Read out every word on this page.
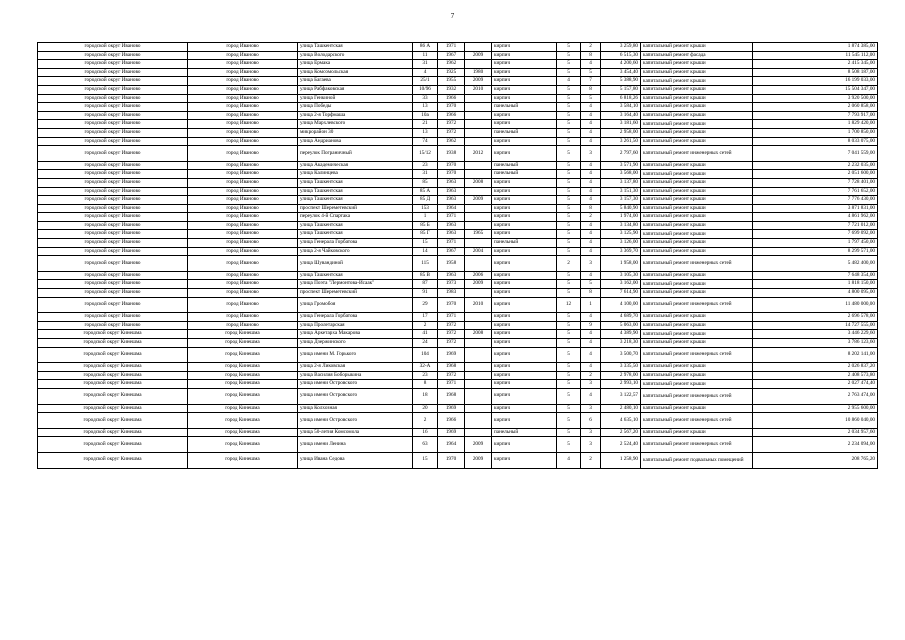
7
городской округ Иваново	город Иваново	улица Ташкентская	86 А	1971		кирпич	5	2	3 259,80	капитальный ремонт крыши	1 874 385,00
городской округ Иваново	город Иваново	улица Володарского	11	1967	2009	кирпич	5	8	6 515,30	капитальный ремонт фасада	11 545 112,00
городской округ Иваново	город Иваново	улица Ермака	31	1962		кирпич	5	4	4 200,60	капитальный ремонт крыши	2 415 345,00
городской округ Иваново	город Иваново	улица Комсомольская	4	1925	1980	кирпич	5	5	3 454,40	капитальный ремонт крыши	8 508 187,00
городской округ Иваново	город Иваново	улица Багаева	25/1	1955	2009	кирпич	4	7	5 388,90	капитальный ремонт крыши	16 199 033,00
городской округ Иваново	город Иваново	улица Рабфаковская	10/96	1932	2010	кирпич	5	8	5 157,80	капитальный ремонт крыши	15 504 347,00
городской округ Иваново	город Иваново	улица Генкиной	33	1966		кирпич	5	5	6 818,26	капитальный ремонт крыши	3 920 500,00
городской округ Иваново	город Иваново	улица Победы	13	1970		панельный	5	4	3 584,10	капитальный ремонт крыши	2 060 858,00
городской округ Иваново	город Иваново	улица 2-я Торфмаша	10а	1966		кирпич	5	4	3 164,40	капитальный ремонт крыши	7 793 917,00
городской округ Иваново	город Иваново	улица Мархлевского	21	1972		кирпич	5	4	3 181,60	капитальный ремонт крыши	1 829 420,00
городской округ Иваново	город Иваново	микрорайон 30	13	1972		панельный	5	4	2 958,00	капитальный ремонт крыши	1 700 850,00
городской округ Иваново	город Иваново	улица Андрианова	74	1962		кирпич	5	4	3 261,50	капитальный ремонт крыши	8 033 075,00
городской округ Иваново	город Иваново	переулок Пограничный	15/12	1938	2012	кирпич	5	3	2 797,60	капитальный ремонт инженерных сетей	7 041 559,00
городской округ Иваново	город Иваново	улица Академическая	23	1970		панельный	5	4	3 571,90	капитальный ремонт крыши	2 232 035,00
городской округ Иваново	город Иваново	улица Калинцева	31	1970		панельный	5	4	3 568,00	капитальный ремонт крыши	2 051 600,00
городской округ Иваново	город Иваново	улица Ташкентская	85	1963	2008	кирпич	5	4	3 137,80	капитальный ремонт крыши	7 728 401,00
городской округ Иваново	город Иваново	улица Ташкентская	85 А	1963		кирпич	5	4	3 151,30	капитальный ремонт крыши	7 761 652,00
городской округ Иваново	город Иваново	улица Ташкентская	85 Д	1963	2009	кирпич	5	4	3 157,30	капитальный ремонт крыши	7 776 430,00
городской округ Иваново	город Иваново	проспект Шереметевский	153	1964		кирпич	5	8	5 840,90	капитальный ремонт крыши	3 871 831,00
городской округ Иваново	город Иваново	переулок 4-й Спартака	1	1971		кирпич	5	2	1 974,00	капитальный ремонт крыши	4 861 962,00
городской округ Иваново	город Иваново	улица Ташкентская	85 Б	1963		кирпич	5	4	3 134,80	капитальный ремонт крыши	7 721 012,00
городской округ Иваново	город Иваново	улица Ташкентская	85 Г	1963	1965	кирпич	5	4	3 125,90	капитальный ремонт крыши	7 699 092,00
городской округ Иваново	город Иваново	улица Генерала Горбатова	15	1971		панельный	5	4	3 126,00	капитальный ремонт крыши	1 797 450,00
городской округ Иваново	город Иваново	улица 2-я Чайковского	14	1967	2004	кирпич	5	4	3 369,70	капитальный ремонт крыши	8 299 571,00
городской округ Иваново	город Иваново	улица Шувандиной	115	1958		кирпич	2	3	1 958,00	капитальный ремонт инженерных сетей	5 482 400,00
городской округ Иваново	город Иваново	улица Ташкентская	85 В	1963	2006	кирпич	5	4	3 105,30	капитальный ремонт крыши	7 648 354,00
городской округ Иваново	город Иваново	улица Поэта "Лермонтова-Исаак"	87	1973	2009	кирпич	5	5	3 162,00	капитальный ремонт крыши	1 818 150,00
городской округ Иваново	город Иваново	проспект Шереметевский	91	1983		кирпич	5	8	7 614,90	капитальный ремонт крыши	4 800 095,00
городской округ Иваново	город Иваново	улица Громобоя	29	1970	2010	кирпич	12	1	4 100,00	капитальный ремонт инженерных сетей	11 480 000,00
городской округ Иваново	город Иваново	улица Генерала Горбатова	17	1971		кирпич	5	4	4 689,70	капитальный ремонт крыши	2 696 578,00
городской округ Иваново	город Иваново	улица Пролетарская	2	1972		кирпич	5	9	5 063,00	капитальный ремонт крыши	14 727 555,00
городской округ Кинешма	город Кинешма	улица Аркетарха Макарова	41	1972	2008	кирпич	5	4	4 389,90	капитальный ремонт крыши	3 446 229,60
городской округ Кинешма	город Кинешма	улица Дзержинского	24	1972		кирпич	5	4	3 218,30	капитальный ремонт крыши	3 786 123,60
городской округ Кинешма	город Кинешма	улица имени М. Горького	104	1969		кирпич	5	4	3 500,70	капитальный ремонт инженерных сетей	8 202 141,00
городской округ Кинешма	город Кинешма	улица 2-я Ликовская	32-А	1968		кирпич	5	4	3 335,50	капитальный ремонт крыши	2 026 837,20
городской округ Кинешма	город Кинешма	улица Василия Боборыкина	23	1972		кирпич	5	2	2 978,00	капитальный ремонт крыши	2 408 573,80
городской округ Кинешма	город Кинешма	улица имени Островского	8	1971		кирпич	5	3	2 993,10	капитальный ремонт крыши	2 027 474,40
городской округ Кинешма	город Кинешма	улица имени Островского	18	1968		кирпич	5	4	3 122,57	капитальный ремонт инженерных сетей	2 763 474,00
городской округ Кинешма	город Кинешма	улица Колхозная	20	1969		кирпич	5	3	2 480,10	капитальный ремонт крыши	2 955 600,00
городской округ Кинешма	город Кинешма	улица имени Островского	2	1966		кирпич	5	6	4 635,10	капитальный ремонт инженерных сетей	10 860 040,00
городской округ Кинешма	город Кинешма	улица 50-летия Комсомола	16	1969		панельный	5	3	2 567,20	капитальный ремонт крыши	2 034 957,60
городской округ Кинешма	город Кинешма	улица имени Ленина	63	1964	2009	кирпич	5	3	2 524,40	капитальный ремонт инженерных сетей	2 234 094,00
городской округ Кинешма	город Кинешма	улица Ивана Седова	15	1970	2009	кирпич	4	2	1 258,90	капитальный ремонт подвальных помещений	208 765,20
